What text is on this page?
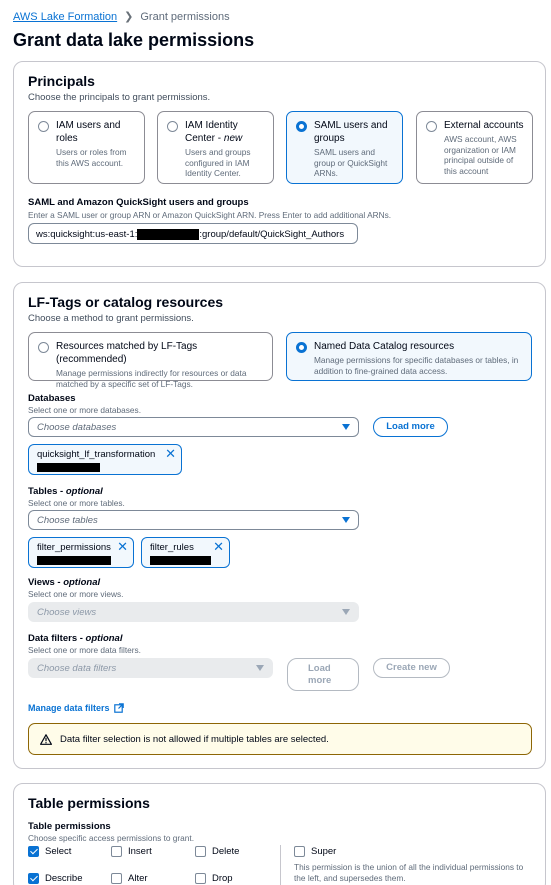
AWS Lake Formation ❯ Grant permissions
Grant data lake permissions
Principals
Choose the principals to grant permissions.
IAM users and roles
Users or roles from this AWS account.
IAM Identity Center - new
Users and groups configured in IAM Identity Center.
SAML users and groups
SAML users and group or QuickSight ARNs.
External accounts
AWS account, AWS organization or IAM principal outside of this account
SAML and Amazon QuickSight users and groups
Enter a SAML user or group ARN or Amazon QuickSight ARN. Press Enter to add additional ARNs.
ws:quicksight:us-east-1:	:group/default/QuickSight_Authors
LF-Tags or catalog resources
Choose a method to grant permissions.
Resources matched by LF-Tags (recommended)
Manage permissions indirectly for resources or data matched by a specific set of LF-Tags.
Named Data Catalog resources
Manage permissions for specific databases or tables, in addition to fine-grained data access.
Databases
Select one or more databases.
Choose databases	Load more
quicksight_lf_transformation ✕
Tables - optional
Select one or more tables.
Choose tables
filter_permissions ✕	filter_rules ✕
Views - optional
Select one or more views.
Choose views
Data filters - optional
Select one or more data filters.
Choose data filters	Load more
Create new
Manage data filters
Data filter selection is not allowed if multiple tables are selected.
Table permissions
Table permissions
Choose specific access permissions to grant.
Select	Insert	Delete
Describe	Alter	Drop
Super
This permission is the union of all the individual permissions to the left, and supersedes them.
